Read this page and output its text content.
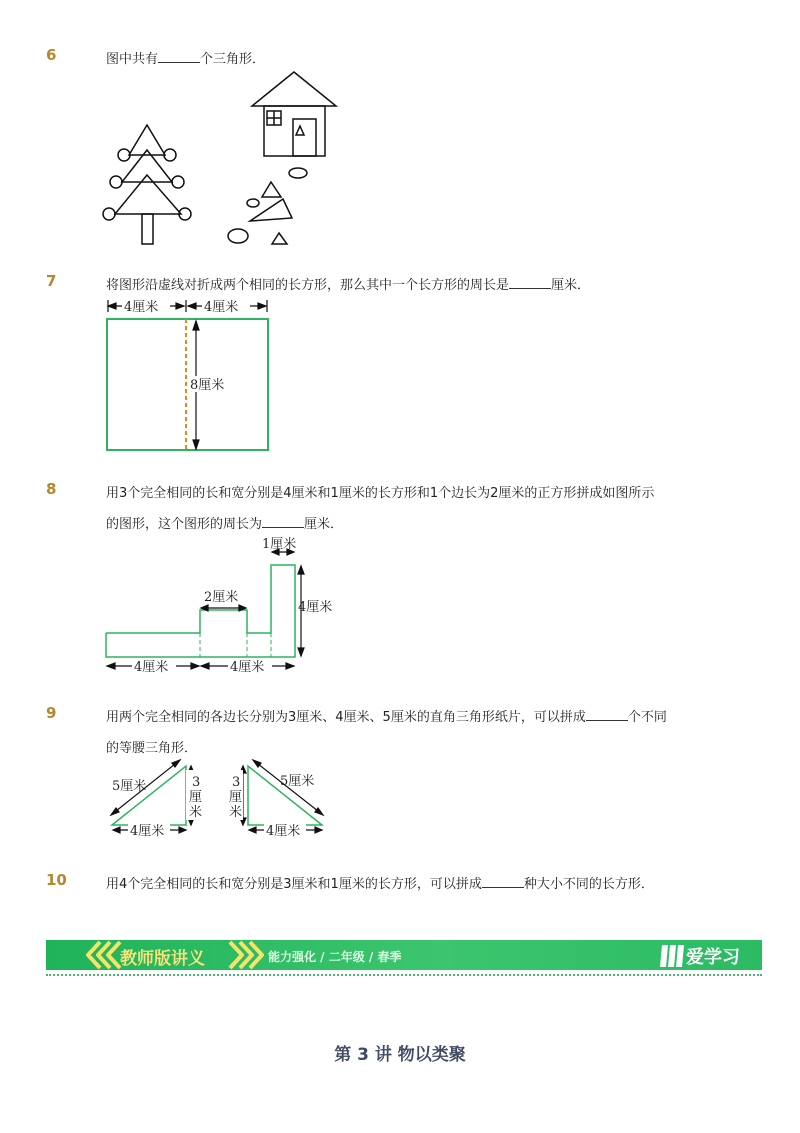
6	图中共有	个三角形．
7	将图形沿虚线对折成两个相同的长方形，那么其中一个长方形的周长是	厘米．
4厘米	4厘米
8厘米
8	用3个完全相同的长和宽分别是4厘米和1厘米的长方形和1个边长为2厘米的正方形拼成如图所示
的图形，这个图形的周长为	厘米．
1厘米
2厘米
4厘米
4厘米	4厘米
9	用两个完全相同的各边长分别为3厘米、4厘米、5厘米的直角三角形纸片，可以拼成	个不同
的等腰三角形．
5厘米	3
厘
米
4厘米
3
厘
米
5厘米
4厘米
10	用4个完全相同的长和宽分别是3厘米和1厘米的长方形，可以拼成	种大小不同的长方形．
教师版讲义	能力强化 / 二年级 / 春季	爱学习
第 3 讲 物以类聚
